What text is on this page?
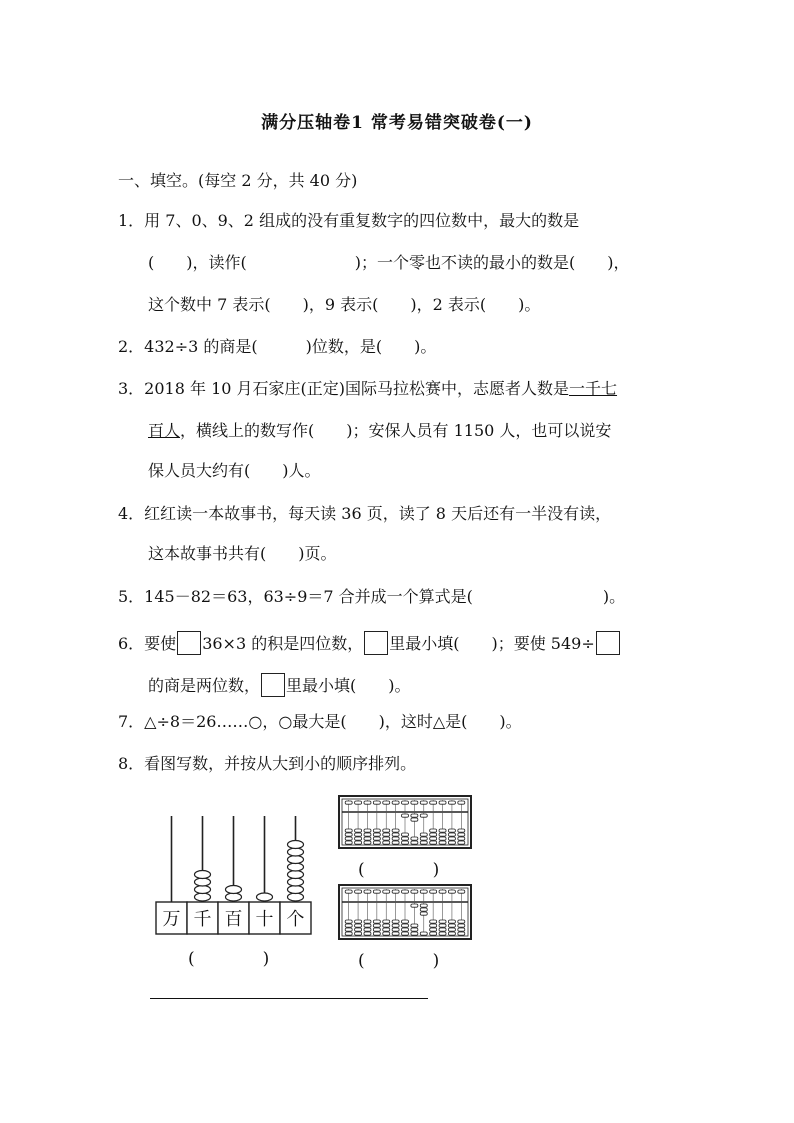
满分压轴卷1 常考易错突破卷(一)
一、填空。(每空 2 分，共 40 分)
1．用 7、0、9、2 组成的没有重复数字的四位数中，最大的数是
(　　)，读作(	)；一个零也不读的最小的数是(　　)，
这个数中 7 表示(　　)，9 表示(　　)，2 表示(　　)。
2．432÷3 的商是(　　　)位数，是(　　)。
3．2018 年 10 月石家庄(正定)国际马拉松赛中，志愿者人数是一千七
百人，横线上的数写作(　　)；安保人员有 1150 人，也可以说安
保人员大约有(　　)人。
4．红红读一本故事书，每天读 36 页，读了 8 天后还有一半没有读，
这本故事书共有(　　)页。
5．145－82＝63，63÷9＝7 合并成一个算式是(	)。
6．要使 36×3 的积是四位数， 里最小填(　　)；要使 549÷
的商是两位数， 里最小填(　　)。
7．△÷8＝26……○，○最大是(　　)，这时△是(　　)。
8．看图写数，并按从大到小的顺序排列。
万 千 百 十 个
(　　　　)
(　　　　)
(　　　　)
